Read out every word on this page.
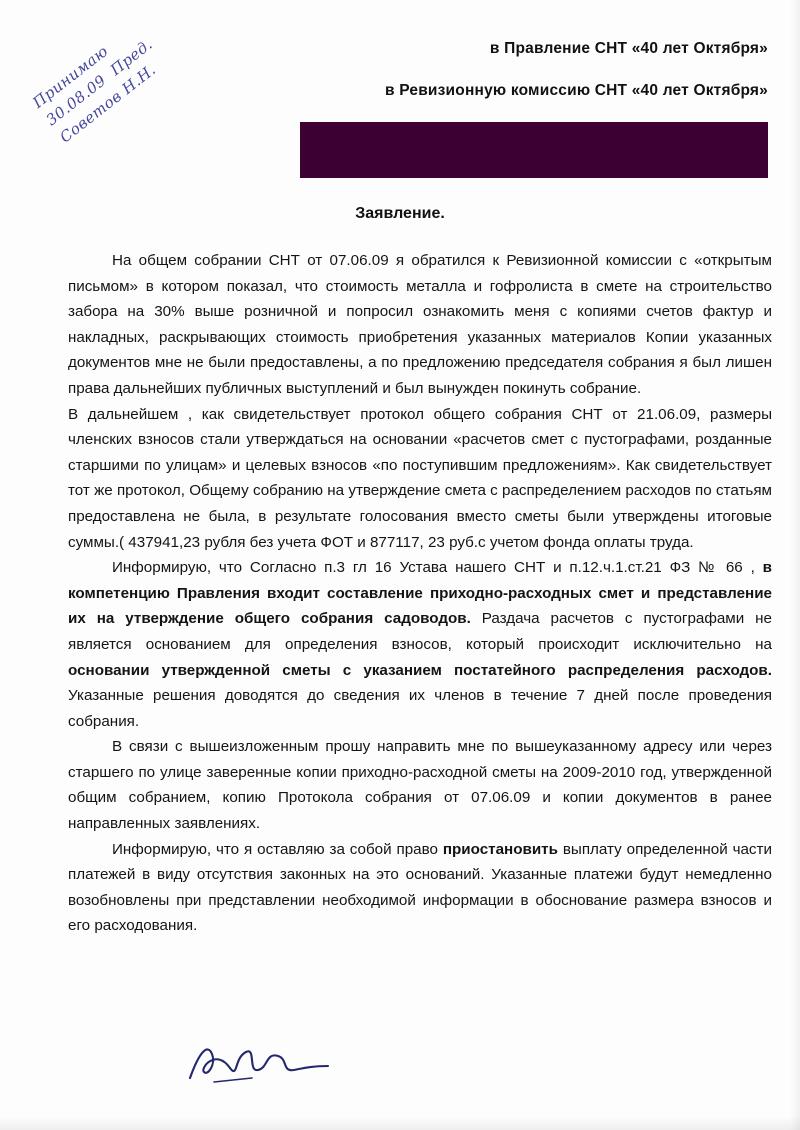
в Правление СНТ «40 лет Октября»
в Ревизионную комиссию СНТ «40 лет Октября»
Заявление.

На общем собрании СНТ от 07.06.09 я обратился к Ревизионной комиссии с «открытым письмом» в котором показал, что стоимость металла и гофролиста в смете на строительство забора на 30% выше розничной и попросил ознакомить меня с копиями счетов фактур и накладных, раскрывающих стоимость приобретения указанных материалов Копии указанных документов мне не были предоставлены, а по предложению председателя собрания я был лишен права дальнейших публичных выступлений и был вынужден покинуть собрание.

В дальнейшем , как свидетельствует протокол общего собрания СНТ от 21.06.09, размеры членских взносов стали утверждаться на основании «расчетов смет с пустографами, розданные старшими по улицам» и целевых взносов «по поступившим предложениям». Как свидетельствует тот же протокол, Общему собранию на утверждение смета с распределением расходов по статьям предоставлена не была, в результате голосования вместо сметы были утверждены итоговые суммы.( 437941,23 рубля без учета ФОТ и 877117, 23 руб.с учетом фонда оплаты труда.

Информирую, что Согласно п.3 гл 16 Устава нашего СНТ и п.12.ч.1.ст.21 ФЗ № 66 , в компетенцию Правления входит составление приходно-расходных смет и представление их на утверждение общего собрания садоводов. Раздача расчетов с пустографами не является основанием для определения взносов, который происходит исключительно на основании утвержденной сметы с указанием постатейного распределения расходов. Указанные решения доводятся до сведения их членов в течение 7 дней после проведения собрания.

В связи с вышеизложенным прошу направить мне по вышеуказанному адресу или через старшего по улице заверенные копии приходно-расходной сметы на 2009-2010 год, утвержденной общим собранием, копию Протокола собрания от 07.06.09 и копии документов в ранее направленных заявлениях.

Информирую, что я оставляю за собой право приостановить выплату определенной части платежей в виду отсутствия законных на это оснований. Указанные платежи будут немедленно возобновлены при представлении необходимой информации в обоснование размера взносов и его расходования.

Принимаю
30.08.09  Пред.
Советов Н.Н.
